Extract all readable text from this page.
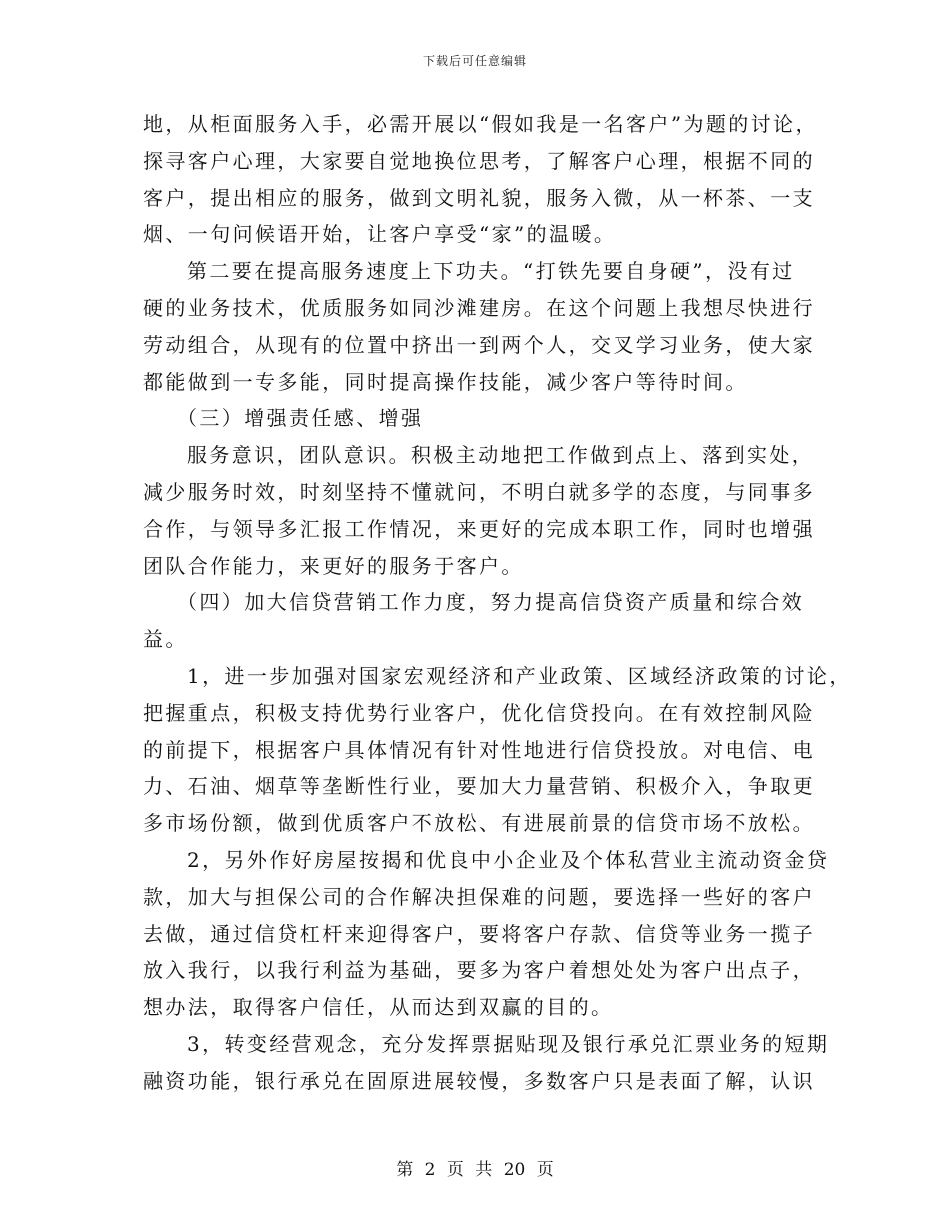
下载后可任意编辑
地，从柜面服务入手，必需开展以“假如我是一名客户”为题的讨论，
探寻客户心理，大家要自觉地换位思考，了解客户心理，根据不同的
客户，提出相应的服务，做到文明礼貌，服务入微，从一杯茶、一支
烟、一句问候语开始，让客户享受“家”的温暖。
第二要在提高服务速度上下功夫。“打铁先要自身硬”，没有过
硬的业务技术，优质服务如同沙滩建房。在这个问题上我想尽快进行
劳动组合，从现有的位置中挤出一到两个人，交叉学习业务，使大家
都能做到一专多能，同时提高操作技能，减少客户等待时间。
（三）增强责任感、增强
服务意识，团队意识。积极主动地把工作做到点上、落到实处，
减少服务时效，时刻坚持不懂就问，不明白就多学的态度，与同事多
合作，与领导多汇报工作情况，来更好的完成本职工作，同时也增强
团队合作能力，来更好的服务于客户。
（四）加大信贷营销工作力度，努力提高信贷资产质量和综合效
益。
1，进一步加强对国家宏观经济和产业政策、区域经济政策的讨论，
把握重点，积极支持优势行业客户，优化信贷投向。在有效控制风险
的前提下，根据客户具体情况有针对性地进行信贷投放。对电信、电
力、石油、烟草等垄断性行业，要加大力量营销、积极介入，争取更
多市场份额，做到优质客户不放松、有进展前景的信贷市场不放松。
2，另外作好房屋按揭和优良中小企业及个体私营业主流动资金贷
款，加大与担保公司的合作解决担保难的问题，要选择一些好的客户
去做，通过信贷杠杆来迎得客户，要将客户存款、信贷等业务一揽子
放入我行，以我行利益为基础，要多为客户着想处处为客户出点子，
想办法，取得客户信任，从而达到双赢的目的。
3，转变经营观念，充分发挥票据贴现及银行承兑汇票业务的短期
融资功能，银行承兑在固原进展较慢，多数客户只是表面了解，认识
第 2 页 共 20 页
